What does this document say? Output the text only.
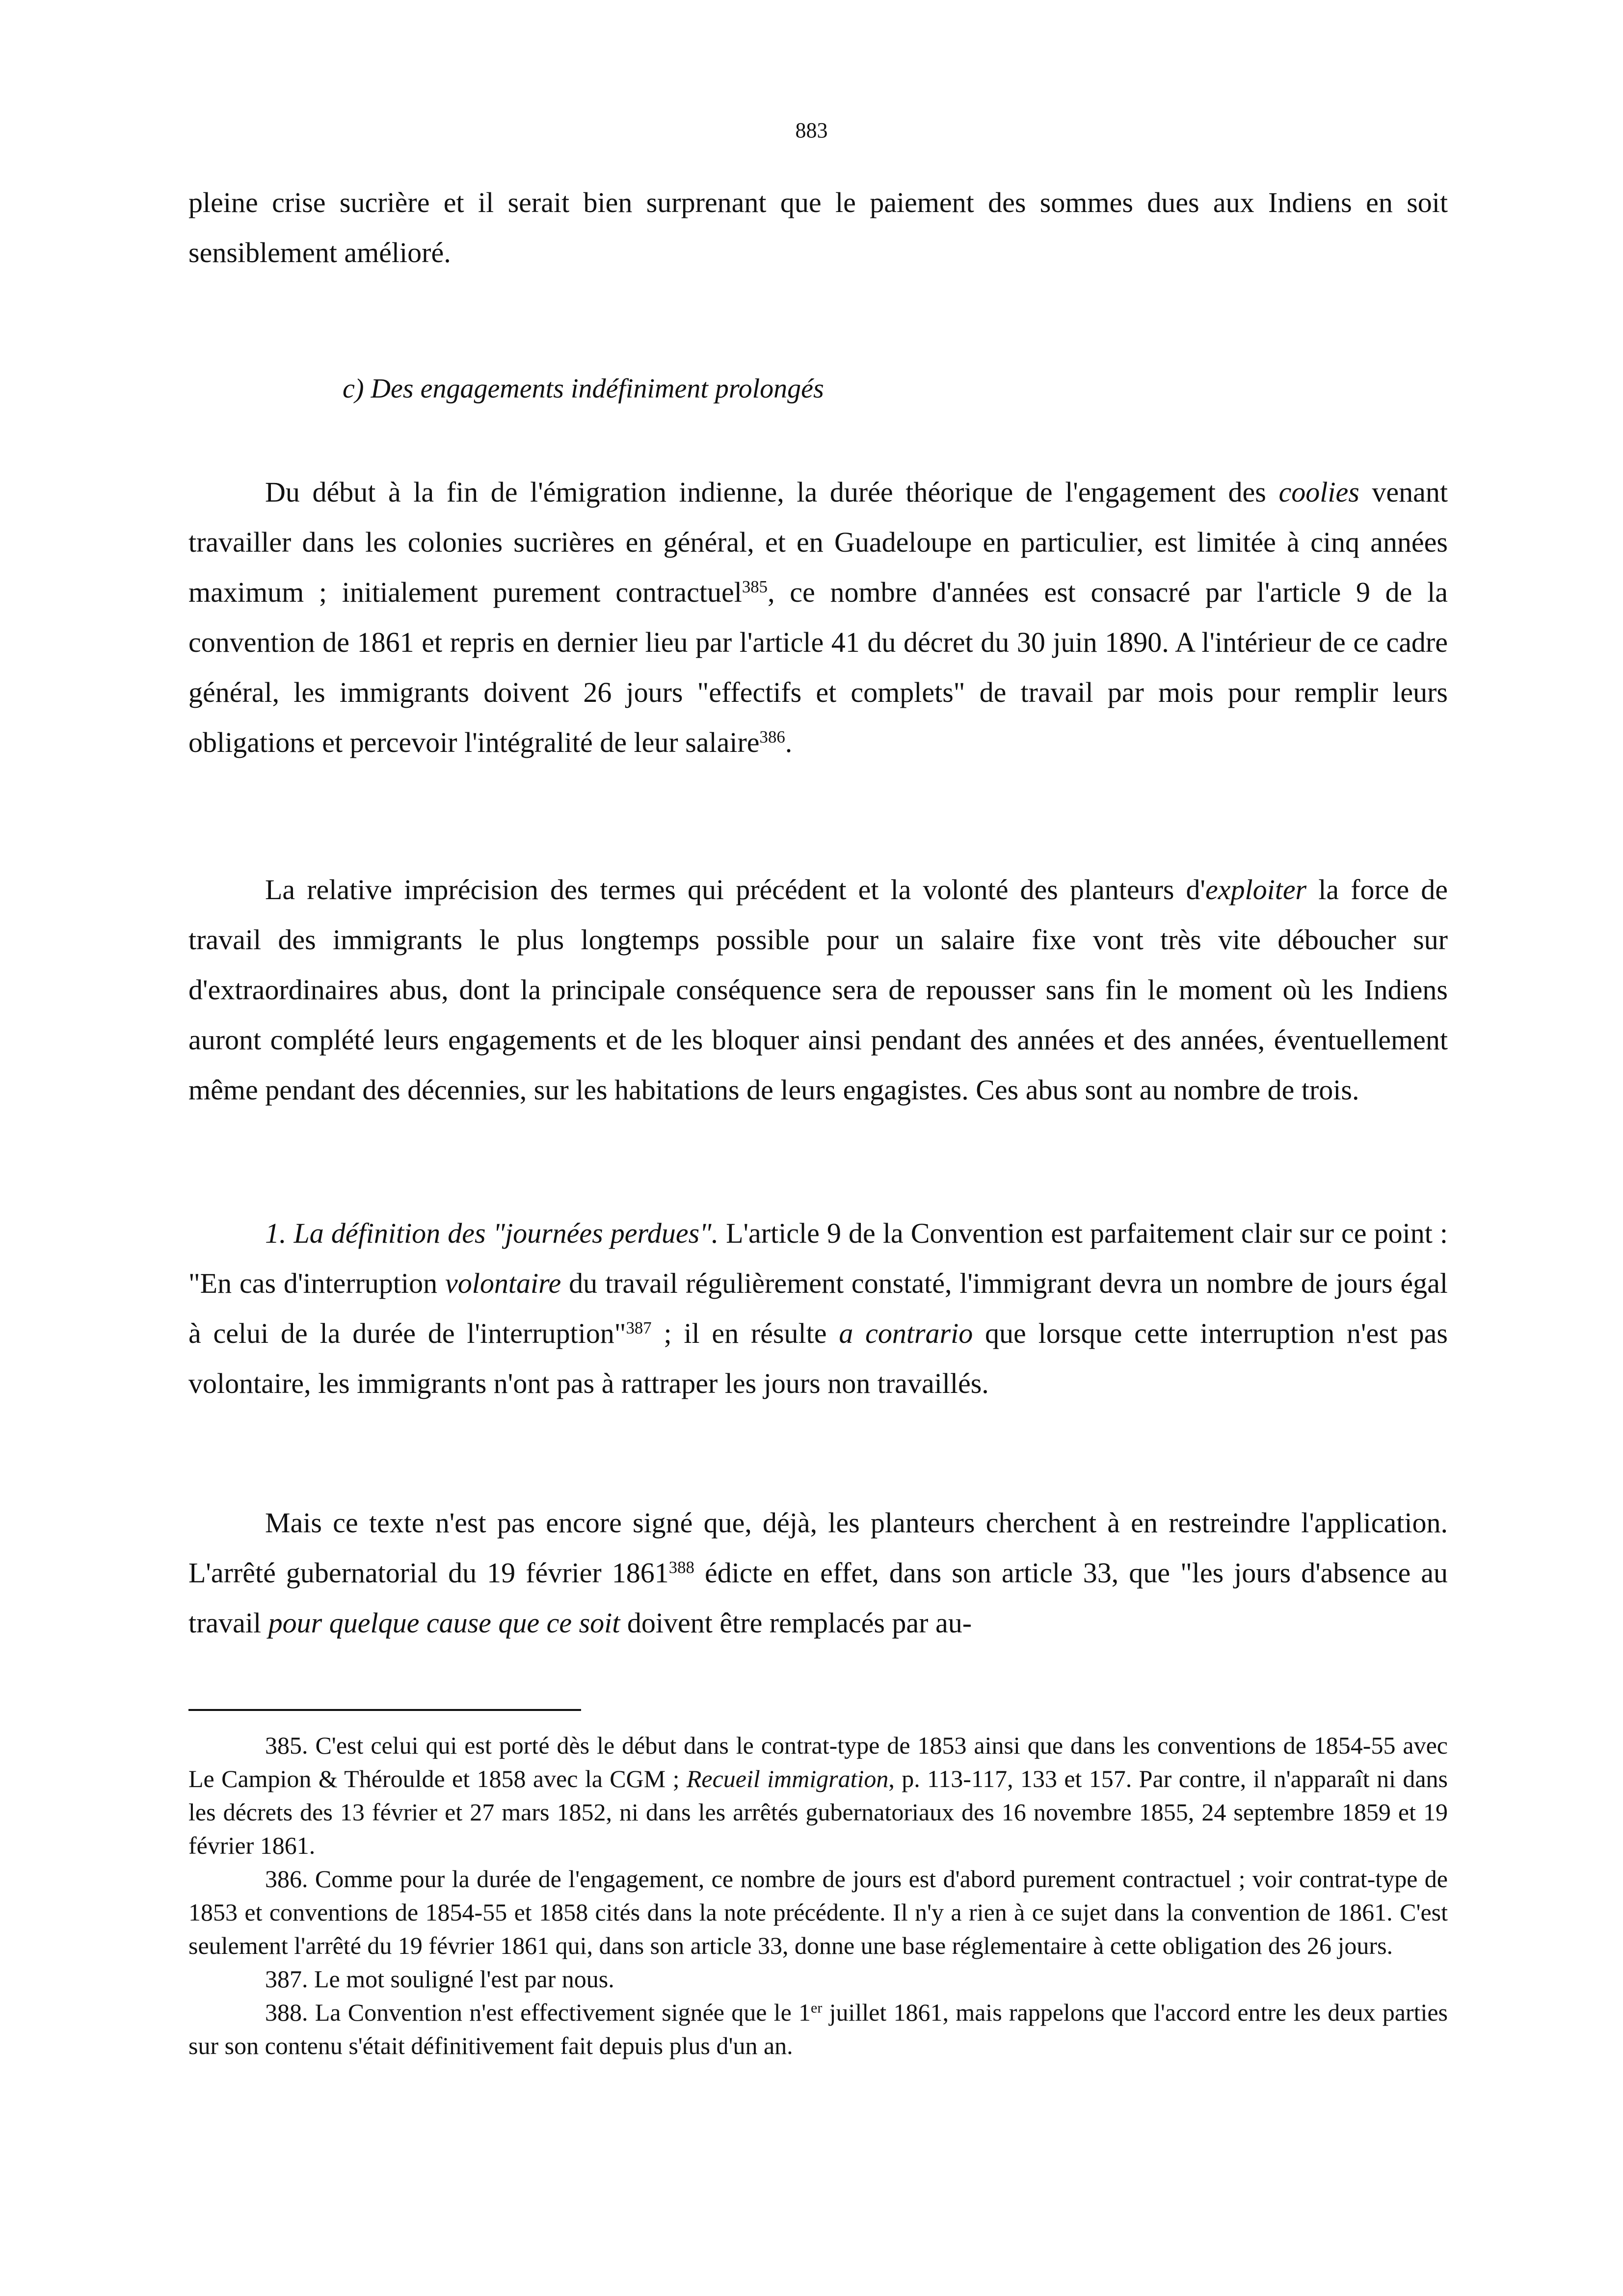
883

pleine crise sucrière et il serait bien surprenant que le paiement des sommes dues aux Indiens en soit sensiblement amélioré.

c) Des engagements indéfiniment prolongés

Du début à la fin de l'émigration indienne, la durée théorique de l'engagement des coolies venant travailler dans les colonies sucrières en général, et en Guadeloupe en particulier, est limitée à cinq années maximum ; initialement purement contractuel$^{385}$, ce nombre d'années est consacré par l'article 9 de la convention de 1861 et repris en dernier lieu par l'article 41 du décret du 30 juin 1890. A l'intérieur de ce cadre général, les immigrants doivent 26 jours "effectifs et complets" de travail par mois pour remplir leurs obligations et percevoir l'intégralité de leur salaire$^{386}$.

La relative imprécision des termes qui précédent et la volonté des planteurs d'exploiter la force de travail des immigrants le plus longtemps possible pour un salaire fixe vont très vite déboucher sur d'extraordinaires abus, dont la principale conséquence sera de repousser sans fin le moment où les Indiens auront complété leurs engagements et de les bloquer ainsi pendant des années et des années, éventuellement même pendant des décennies, sur les habitations de leurs engagistes. Ces abus sont au nombre de trois.

1. La définition des "journées perdues". L'article 9 de la Convention est parfaitement clair sur ce point : "En cas d'interruption volontaire du travail régulièrement constaté, l'immigrant devra un nombre de jours égal à celui de la durée de l'interruption"$^{387}$ ; il en résulte a contrario que lorsque cette interruption n'est pas volontaire, les immigrants n'ont pas à rattraper les jours non travaillés.

Mais ce texte n'est pas encore signé que, déjà, les planteurs cherchent à en restreindre l'application. L'arrêté gubernatorial du 19 février 1861$^{388}$ édicte en effet, dans son article 33, que "les jours d'absence au travail pour quelque cause que ce soit doivent être remplacés par au-

385. C'est celui qui est porté dès le début dans le contrat-type de 1853 ainsi que dans les conventions de 1854-55 avec Le Campion & Théroulde et 1858 avec la CGM ; Recueil immigration, p. 113-117, 133 et 157. Par contre, il n'apparaît ni dans les décrets des 13 février et 27 mars 1852, ni dans les arrêtés gubernatoriaux des 16 novembre 1855, 24 septembre 1859 et 19 février 1861.

386. Comme pour la durée de l'engagement, ce nombre de jours est d'abord purement contractuel ; voir contrat-type de 1853 et conventions de 1854-55 et 1858 cités dans la note précédente. Il n'y a rien à ce sujet dans la convention de 1861. C'est seulement l'arrêté du 19 février 1861 qui, dans son article 33, donne une base réglementaire à cette obligation des 26 jours.

387. Le mot souligné l'est par nous.

388. La Convention n'est effectivement signée que le 1er juillet 1861, mais rappelons que l'accord entre les deux parties sur son contenu s'était définitivement fait depuis plus d'un an.
